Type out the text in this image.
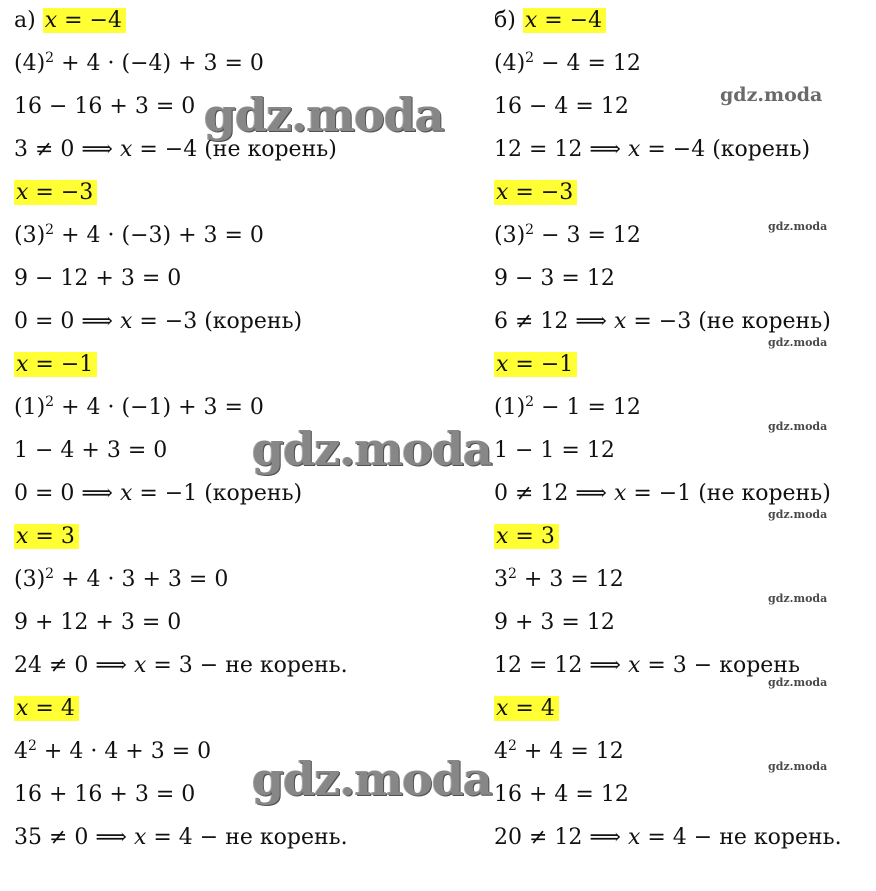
а) x = −4
$(4)^2 + 4 \cdot (-4) + 3 = 0$
16 − 16 + 3 = 0
3 ≠ 0 ⟹ x = −4 (не корень)
x = −3
$(3)^2 + 4 \cdot (-3) + 3 = 0$
9 − 12 + 3 = 0
0 = 0 ⟹ x = −3 (корень)
x = −1
$(1)^2 + 4 \cdot (-1) + 3 = 0$
1 − 4 + 3 = 0
0 = 0 ⟹ x = −1 (корень)
x = 3
$(3)^2 + 4 \cdot 3 + 3 = 0$
9 + 12 + 3 = 0
24 ≠ 0 ⟹ x = 3 − не корень.
x = 4
$4^2 + 4 \cdot 4 + 3 = 0$
16 + 16 + 3 = 0
35 ≠ 0 ⟹ x = 4 − не корень.
б) x = −4
$(4)^2 - 4 = 12$
16 − 4 = 12
12 = 12 ⟹ x = −4 (корень)
x = −3
$(3)^2 - 3 = 12$
9 − 3 = 12
6 ≠ 12 ⟹ x = −3 (не корень)
x = −1
$(1)^2 - 1 = 12$
1 − 1 = 12
0 ≠ 12 ⟹ x = −1 (не корень)
x = 3
$3^2 + 3 = 12$
9 + 3 = 12
12 = 12 ⟹ x = 3 − корень
x = 4
$4^2 + 4 = 12$
16 + 4 = 12
20 ≠ 12 ⟹ x = 4 − не корень.
gdz.moda
gdz.moda
gdz.moda
gdz.moda
gdz.moda
gdz.moda
gdz.moda
gdz.moda
gdz.moda
gdz.moda
gdz.moda
